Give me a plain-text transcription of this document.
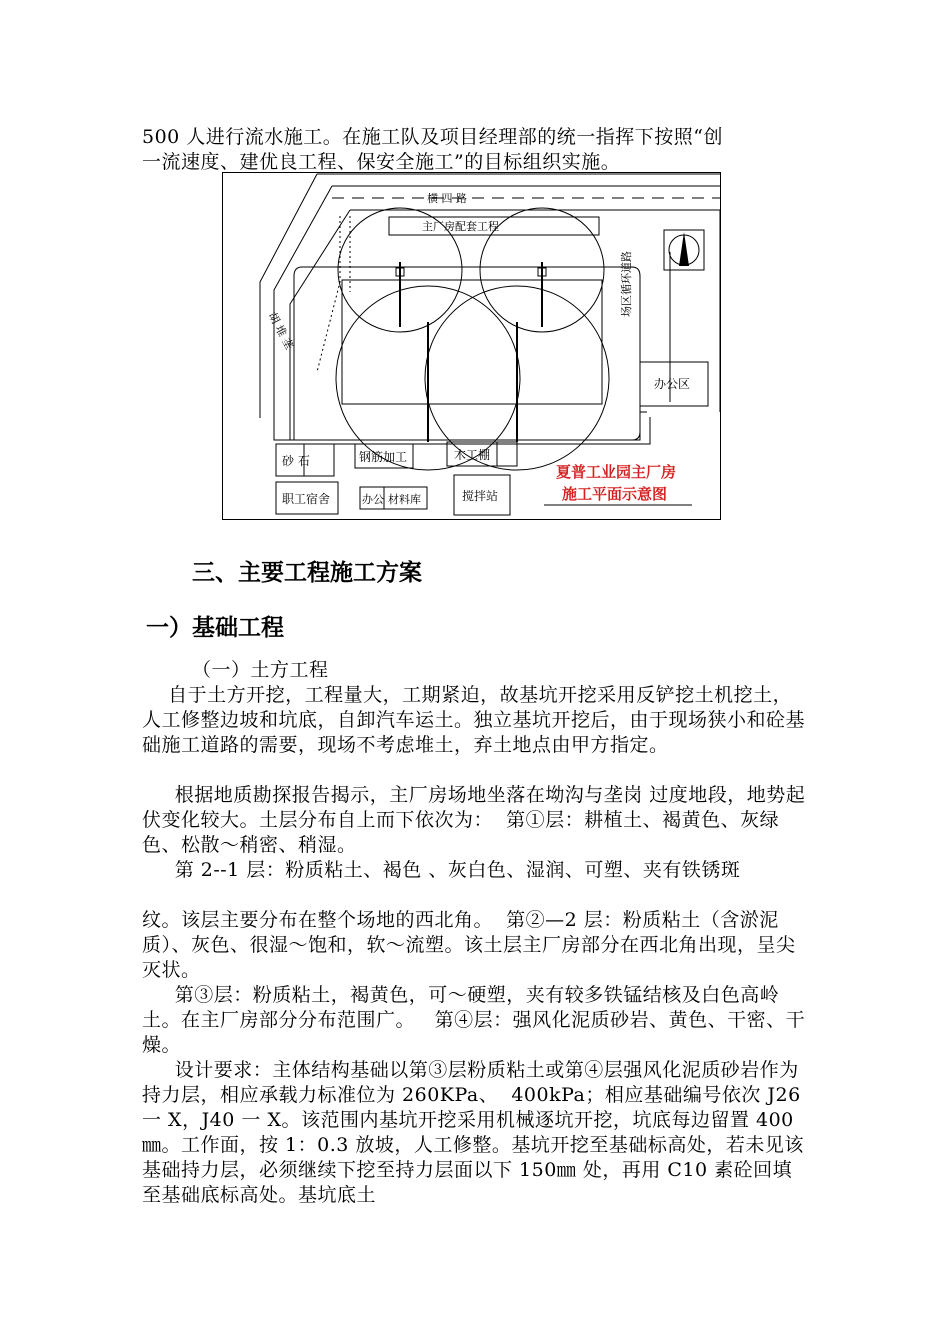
500 人进行流水施工。在施工队及项目经理部的统一指挥下按照“创

一流速度、建优良工程、保安全施工”的目标组织实施。

横 四 路
胡 堆 垄
主厂房配套工程
场区循环道路
办公区
砂 石	钢筋加工	木工棚
职工宿舍	办公 材料库	搅拌站
夏普工业园主厂房
施工平面示意图
三、主要工程施工方案
一）基础工程

（一）土方工程

自于土方开挖，工程量大，工期紧迫，故基坑开挖采用反铲挖土机挖土，人工修整边坡和坑底，自卸汽车运土。独立基坑开挖后，由于现场狭小和砼基础施工道路的需要，现场不考虑堆土，弃土地点由甲方指定。

根据地质勘探报告揭示，主厂房场地坐落在坳沟与垄岗 过度地段，地势起伏变化较大。土层分布自上而下依次为：  第①层：耕植土、褐黄色、灰绿色、松散～稍密、稍湿。

第 2--1 层：粉质粘土、褐色 、灰白色、湿润、可塑、夹有铁锈斑

纹。该层主要分布在整个场地的西北角。  第②—2 层：粉质粘土（含淤泥质）、灰色、很湿～饱和，软～流塑。该土层主厂房部分在西北角出现，呈尖灭状。

第③层：粉质粘土，褐黄色，可～硬塑，夹有较多铁锰结核及白色高岭土。在主厂房部分分布范围广。   第④层：强风化泥质砂岩、黄色、干密、干燥。

设计要求：主体结构基础以第③层粉质粘土或第④层强风化泥质砂岩作为持力层，相应承载力标准位为 260KPa、  400kPa；相应基础编号依次 J26 一 X，J40 一 X。该范围内基坑开挖采用机械逐坑开挖，坑底每边留置 400㎜。工作面，按 1：0.3 放坡，人工修整。基坑开挖至基础标高处，若未见该基础持力层，必须继续下挖至持力层面以下 150㎜ 处，再用 C10 素砼回填至基础底标高处。基坑底土
